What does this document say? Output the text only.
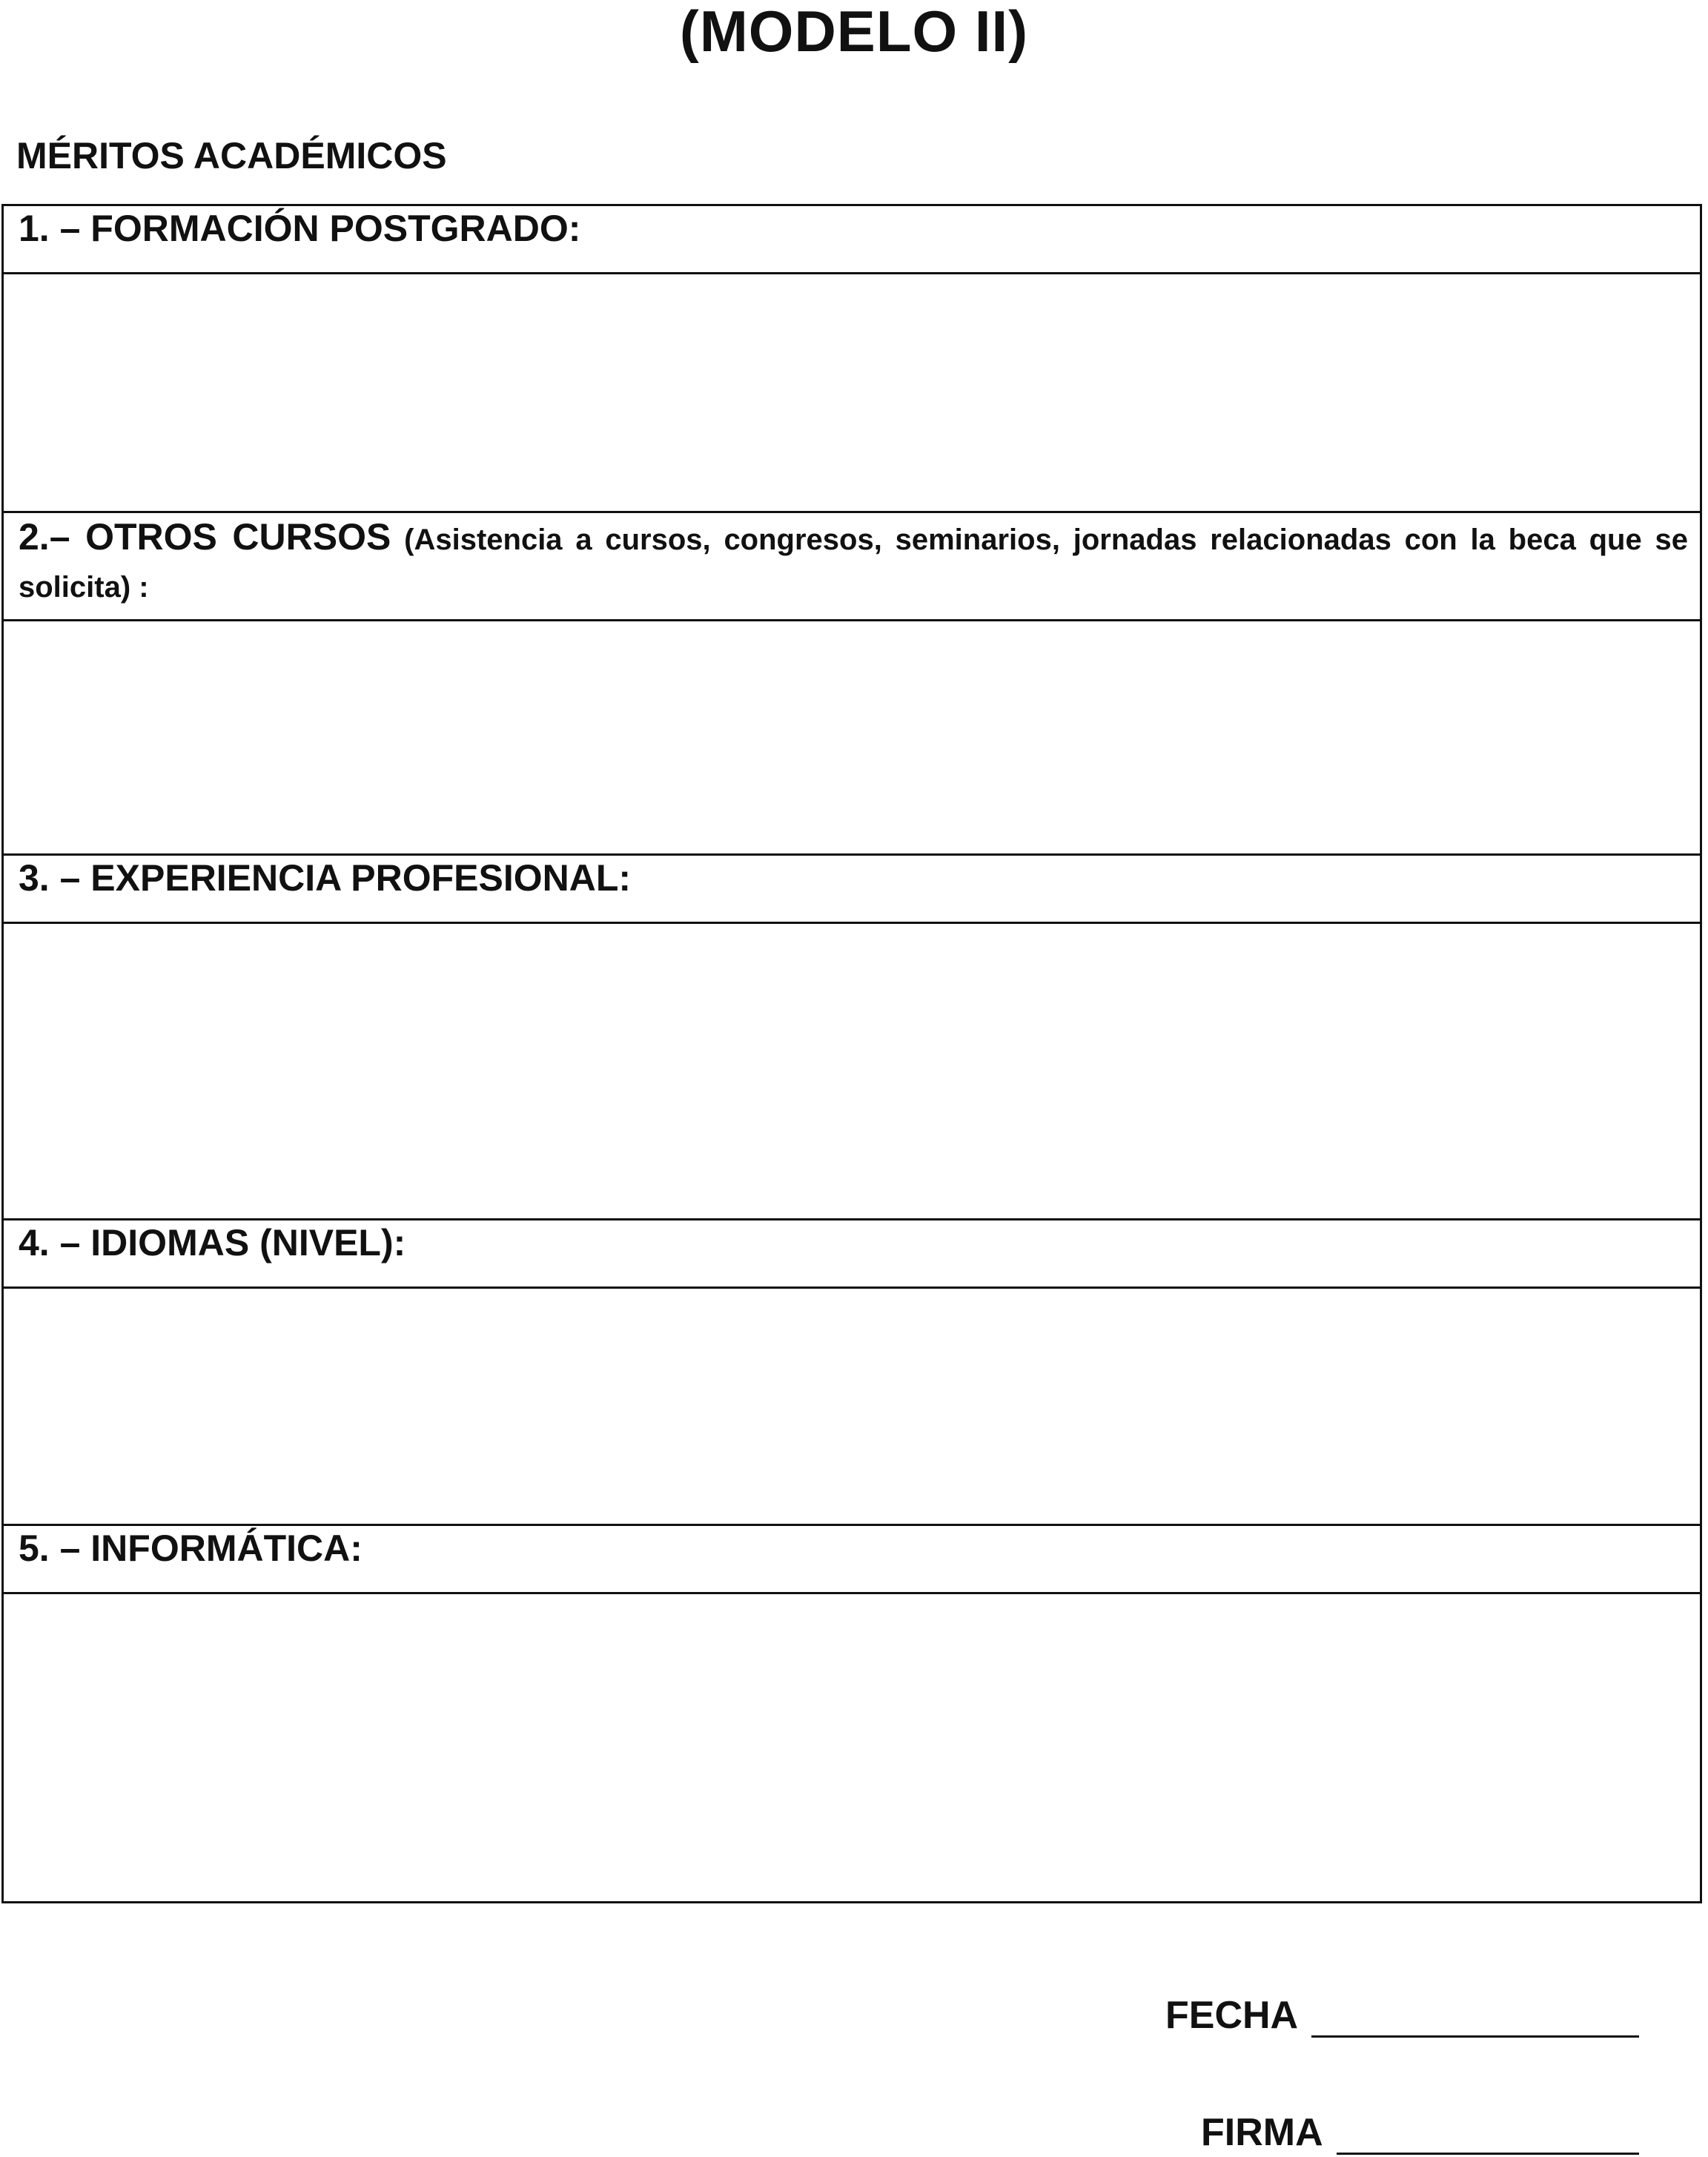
(MODELO II)
MÉRITOS ACADÉMICOS
1. – FORMACIÓN POSTGRADO:
2.– OTROS CURSOS (Asistencia a cursos, congresos, seminarios, jornadas relacionadas con la beca que se solicita) :
3. – EXPERIENCIA PROFESIONAL:
4. – IDIOMAS (NIVEL):
5. – INFORMÁTICA:
FECHA
FIRMA
